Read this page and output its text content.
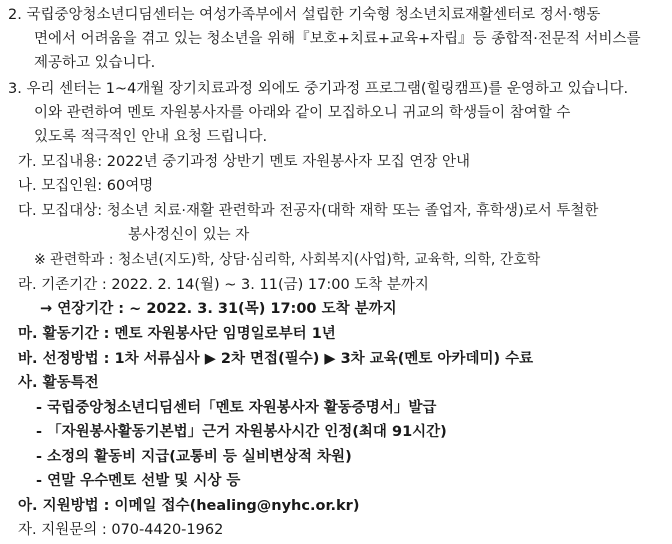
2. 국립중앙청소년디딤센터는 여성가족부에서 설립한 기숙형 청소년치료재활센터로 정서·행동
면에서 어려움을 겪고 있는 청소년을 위해『보호+치료+교육+자립』등 종합적·전문적 서비스를
제공하고 있습니다.
3. 우리 센터는 1~4개월 장기치료과정 외에도 중기과정 프로그램(힐링캠프)를 운영하고 있습니다.
이와 관련하여 멘토 자원봉사자를 아래와 같이 모집하오니 귀교의 학생들이 참여할 수
있도록 적극적인 안내 요청 드립니다.
가. 모집내용: 2022년 중기과정 상반기 멘토 자원봉사자 모집 연장 안내
나. 모집인원: 60여명
다. 모집대상: 청소년 치료·재활 관련학과 전공자(대학 재학 또는 졸업자, 휴학생)로서 투철한
봉사정신이 있는 자
※ 관련학과 : 청소년(지도)학, 상담·심리학, 사회복지(사업)학, 교육학, 의학, 간호학
라. 기존기간 : 2022. 2. 14(월) ~ 3. 11(금) 17:00 도착 분까지
→ 연장기간 : ~ 2022. 3. 31(목) 17:00 도착 분까지
마. 활동기간 : 멘토 자원봉사단 임명일로부터 1년
바. 선정방법 : 1차 서류심사 ▶ 2차 면접(필수) ▶ 3차 교육(멘토 아카데미) 수료
사. 활동특전
- 국립중앙청소년디딤센터「멘토 자원봉사자 활동증명서」발급
- 「자원봉사활동기본법」근거 자원봉사시간 인정(최대 91시간)
- 소정의 활동비 지급(교통비 등 실비변상적 차원)
- 연말 우수멘토 선발 및 시상 등
아. 지원방법 : 이메일 접수(healing@nyhc.or.kr)
자. 지원문의 : 070-4420-1962
